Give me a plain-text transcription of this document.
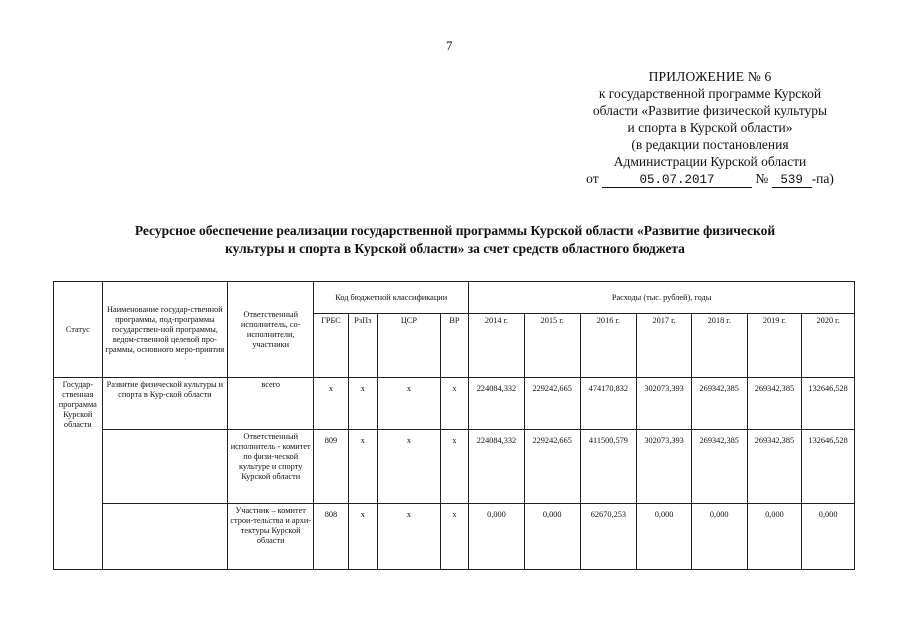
7
ПРИЛОЖЕНИЕ № 6
к государственной программе Курской
области «Развитие физической культуры
и спорта в Курской области»
(в редакции постановления
Администрации Курской области
от	05.07.2017	№ 539 -па)
Ресурсное обеспечение реализации государственной программы Курской области «Развитие физической
культуры и спорта в Курской области» за счет средств областного бюджета
Статус	Наименование государ-ственной программы, под-программы государствен-ной программы, ведом-ственной целевой про-граммы, основного меро-приятия	Ответственный исполнитель, со-исполнители, участники	Код бюджетной классификации				Расходы (тыс. рублей), годы						
			ГРБС	РзПз	ЦСР	ВР	2014 г.	2015 г.	2016 г.	2017 г.	2018 г.	2019 г.	2020 г.
Государ-ственная программа Курской области	Развитие физической культуры и спорта в Кур-ской области	всего	х	х	х	х	224084,332	229242,665	474170,832	302073,393	269342,385	269342,385	132646,528
		Ответственный исполнитель - комитет по физи-ческой культуре и спорту Курской области	809	х	х	х	224084,332	229242,665	411500,579	302073,393	269342,385	269342,385	132646,528
		Участник – комитет строи-тельства и архи-тектуры Курской области	808	х	х	х	0,000	0,000	62670,253	0,000	0,000	0,000	0,000
